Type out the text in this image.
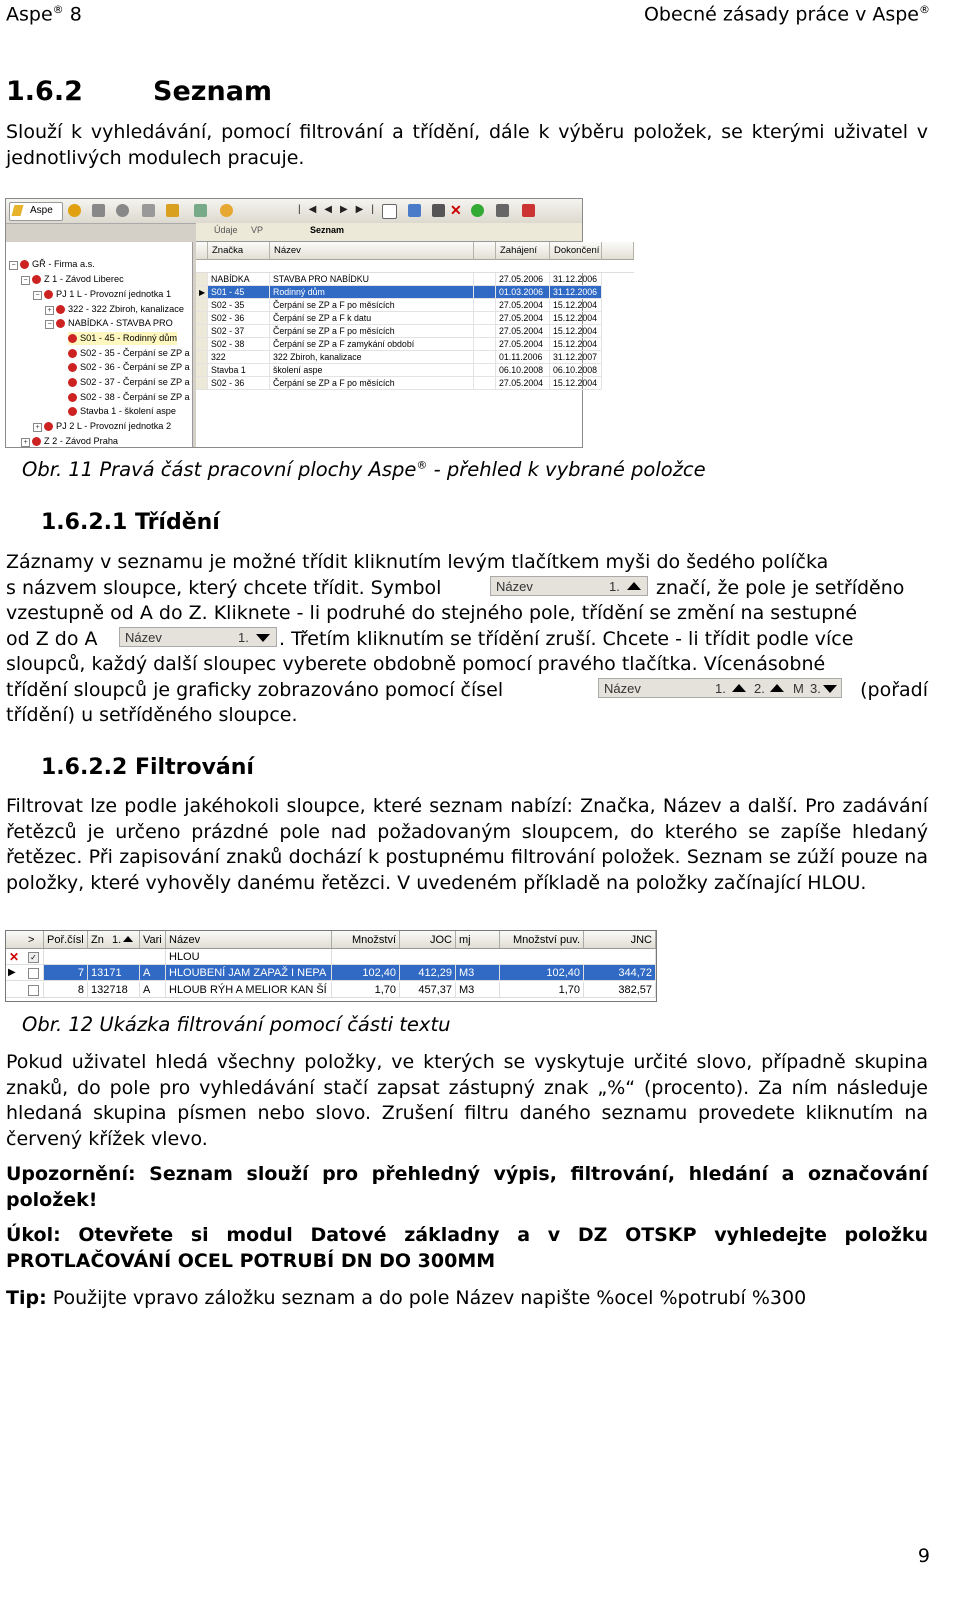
Aspe® 8	Obecné zásady práce v Aspe®
1.6.2	Seznam
Slouží k vyhledávání, pomocí filtrování a třídění, dále k výběru položek, se kterými uživatel v jednotlivých modulech pracuje.
Aspe	|◀◀▶▶|	✕
Údaje VP	Seznam
GŘ - Firma a.s.
Z 1 - Závod Liberec
PJ 1 L - Provozní jednotka 1
322 - 322 Zbiroh, kanalizace
NABÍDKA - STAVBA PRO
S01 - 45 - Rodinný dům
S02 - 35 - Čerpání se ZP a
S02 - 36 - Čerpání se ZP a
S02 - 37 - Čerpání se ZP a
S02 - 38 - Čerpání se ZP a
Stavba 1 - školení aspe
PJ 2 L - Provozní jednotka 2
Z 2 - Závod Praha
−
−
−
+
−
+
+
Značka	Název	Zahájení	Dokončení
NABÍDKA	STAVBA PRO NABÍDKU	27.05.2006	31.12.2006
▶ S01 - 45	Rodinný dům	01.03.2006	31.12.2006
S02 - 35	Čerpání se ZP a F po měsících	27.05.2004	15.12.2004
S02 - 36	Čerpání se ZP a F k datu	27.05.2004	15.12.2004
S02 - 37	Čerpání se ZP a F po měsících	27.05.2004	15.12.2004
S02 - 38	Čerpání se ZP a F zamykání období	27.05.2004	15.12.2004
322	322 Zbiroh, kanalizace	01.11.2006	31.12.2007
Stavba 1	školení aspe	06.10.2008	06.10.2008
S02 - 36	Čerpání se ZP a F po měsících	27.05.2004	15.12.2004
Obr. 11 Pravá část pracovní plochy Aspe® - přehled k vybrané položce
1.6.2.1 Třídění
Záznamy v seznamu je možné třídit kliknutím levým tlačítkem myši do šedého políčka
s názvem sloupce, který chcete třídit. Symbol	značí, že pole je setříděno
Název	1.
vzestupně od A do Z. Kliknete - li podruhé do stejného pole, třídění se změní na sestupné
od Z do A	Název	1. . Třetím kliknutím se třídění zruší. Chcete - li třídit podle více
sloupců, každý další sloupec vyberete obdobně pomocí pravého tlačítka. Vícenásobné
třídění sloupců je graficky zobrazováno pomocí čísel	Název	1. 2. M 3. (pořadí
třídění) u setříděného sloupce.
1.6.2.2 Filtrování
Filtrovat lze podle jakéhokoli sloupce, které seznam nabízí: Značka, Název a další. Pro zadávání řetězců je určeno prázdné pole nad požadovaným sloupcem, do kterého se zapíše hledaný řetězec. Při zapisování znaků dochází k postupnému filtrování položek. Seznam se zúží pouze na položky, které vyhověly danému řetězci. V uvedeném příkladě na položky začínající HLOU.
> Poř.čísl Zn 1. Vari Název	Množství	JOC mj	Množství puv.	JNC
✕ ✓	HLOU
▶	7 13171	A	HLOUBENÍ JAM ZAPAŽ I NEPA	102,40	412,29 M3	102,40	344,72
8 132718	A	HLOUB RÝH A MELIOR KAN ŠÍ	1,70	457,37 M3	1,70	382,57
Obr. 12 Ukázka filtrování pomocí části textu
Pokud uživatel hledá všechny položky, ve kterých se vyskytuje určité slovo, případně skupina znaků, do pole pro vyhledávání stačí zapsat zástupný znak „%“ (procento). Za ním následuje hledaná skupina písmen nebo slovo. Zrušení filtru daného seznamu provedete kliknutím na červený křížek vlevo.
Upozornění: Seznam slouží pro přehledný výpis, filtrování, hledání a označování položek!
Úkol: Otevřete si modul Datové základny a v DZ OTSKP vyhledejte položku PROTLAČOVÁNÍ OCEL POTRUBÍ DN DO 300MM
Tip: Použijte vpravo záložku seznam a do pole Název napište %ocel %potrubí %300
9
